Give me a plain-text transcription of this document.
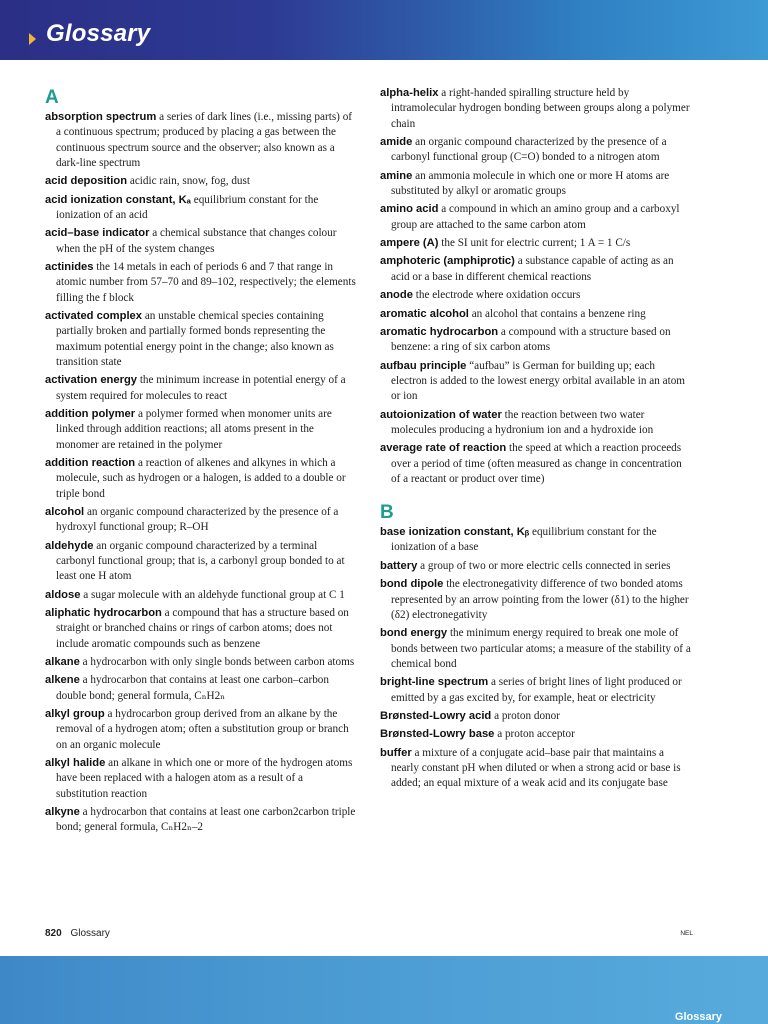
Glossary
A
absorption spectrum a series of dark lines (i.e., missing parts) of a continuous spectrum; produced by placing a gas between the continuous spectrum source and the observer; also known as a dark-line spectrum
acid deposition acidic rain, snow, fog, dust
acid ionization constant, Kₐ equilibrium constant for the ionization of an acid
acid–base indicator a chemical substance that changes colour when the pH of the system changes
actinides the 14 metals in each of periods 6 and 7 that range in atomic number from 57–70 and 89–102, respectively; the elements filling the f block
activated complex an unstable chemical species containing partially broken and partially formed bonds representing the maximum potential energy point in the change; also known as transition state
activation energy the minimum increase in potential energy of a system required for molecules to react
addition polymer a polymer formed when monomer units are linked through addition reactions; all atoms present in the monomer are retained in the polymer
addition reaction a reaction of alkenes and alkynes in which a molecule, such as hydrogen or a halogen, is added to a double or triple bond
alcohol an organic compound characterized by the presence of a hydroxyl functional group; R–OH
aldehyde an organic compound characterized by a terminal carbonyl functional group; that is, a carbonyl group bonded to at least one H atom
aldose a sugar molecule with an aldehyde functional group at C 1
aliphatic hydrocarbon a compound that has a structure based on straight or branched chains or rings of carbon atoms; does not include aromatic compounds such as benzene
alkane a hydrocarbon with only single bonds between carbon atoms
alkene a hydrocarbon that contains at least one carbon–carbon double bond; general formula, CₙH2ₙ
alkyl group a hydrocarbon group derived from an alkane by the removal of a hydrogen atom; often a substitution group or branch on an organic molecule
alkyl halide an alkane in which one or more of the hydrogen atoms have been replaced with a halogen atom as a result of a substitution reaction
alkyne a hydrocarbon that contains at least one carbon2carbon triple bond; general formula, CₙH2ₙ–2
alpha-helix a right-handed spiralling structure held by intramolecular hydrogen bonding between groups along a polymer chain
amide an organic compound characterized by the presence of a carbonyl functional group (C=O) bonded to a nitrogen atom
amine an ammonia molecule in which one or more H atoms are substituted by alkyl or aromatic groups
amino acid a compound in which an amino group and a carboxyl group are attached to the same carbon atom
ampere (A) the SI unit for electric current; 1 A = 1 C/s
amphoteric (amphiprotic) a substance capable of acting as an acid or a base in different chemical reactions
anode the electrode where oxidation occurs
aromatic alcohol an alcohol that contains a benzene ring
aromatic hydrocarbon a compound with a structure based on benzene: a ring of six carbon atoms
aufbau principle “aufbau” is German for building up; each electron is added to the lowest energy orbital available in an atom or ion
autoionization of water the reaction between two water molecules producing a hydronium ion and a hydroxide ion
average rate of reaction the speed at which a reaction proceeds over a period of time (often measured as change in concentration of a reactant or product over time)
B
base ionization constant, Kᵦ equilibrium constant for the ionization of a base
battery a group of two or more electric cells connected in series
bond dipole the electronegativity difference of two bonded atoms represented by an arrow pointing from the lower (δ1) to the higher (δ2) electronegativity
bond energy the minimum energy required to break one mole of bonds between two particular atoms; a measure of the stability of a chemical bond
bright-line spectrum a series of bright lines of light produced or emitted by a gas excited by, for example, heat or electricity
Brønsted-Lowry acid a proton donor
Brønsted-Lowry base a proton acceptor
buffer a mixture of a conjugate acid–base pair that maintains a nearly constant pH when diluted or when a strong acid or base is added; an equal mixture of a weak acid and its conjugate base
820 Glossary	NEL
Glossary
